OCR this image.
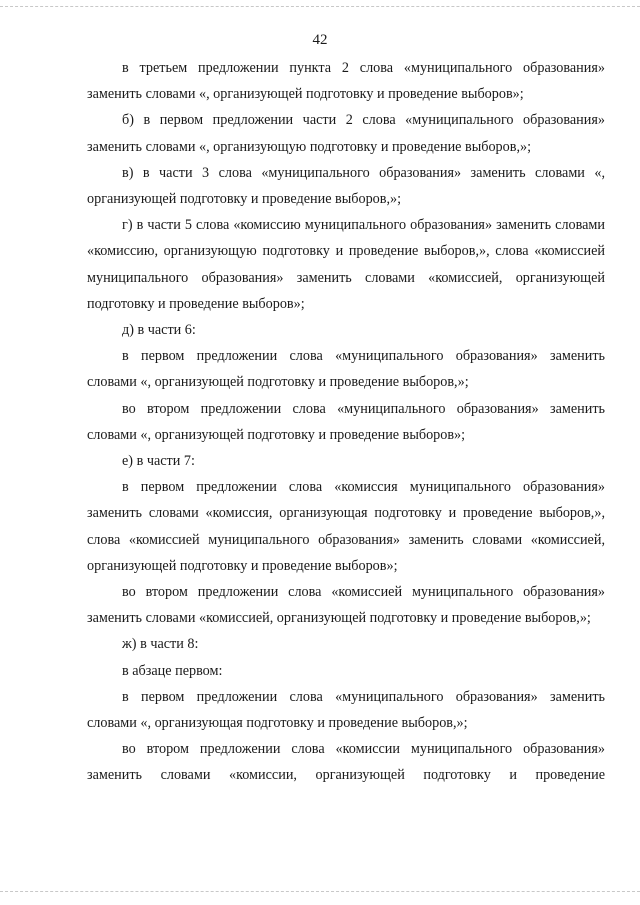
42

в третьем предложении пункта 2 слова «муниципального образования» заменить словами «, организующей подготовку и проведение выборов»;

б) в первом предложении части 2 слова «муниципального образования» заменить словами «, организующую подготовку и проведение выборов,»;

в) в части 3 слова «муниципального образования» заменить словами «, организующей подготовку и проведение выборов,»;

г) в части 5 слова «комиссию муниципального образования» заменить словами «комиссию, организующую подготовку и проведение выборов,», слова «комиссией муниципального образования» заменить словами «комиссией, организующей подготовку и проведение выборов»;

д) в части 6:

в первом предложении слова «муниципального образования» заменить словами «, организующей подготовку и проведение выборов,»;

во втором предложении слова «муниципального образования» заменить словами «, организующей подготовку и проведение выборов»;

е) в части 7:

в первом предложении слова «комиссия муниципального образования» заменить словами «комиссия, организующая подготовку и проведение выборов,», слова «комиссией муниципального образования» заменить словами «комиссией, организующей подготовку и проведение выборов»;

во втором предложении слова «комиссией муниципального образования» заменить словами «комиссией, организующей подготовку и проведение выборов,»;

ж) в части 8:

в абзаце первом:

в первом предложении слова «муниципального образования» заменить словами «, организующая подготовку и проведение выборов,»;

во втором предложении слова «комиссии муниципального образования» заменить словами «комиссии, организующей подготовку и проведение
